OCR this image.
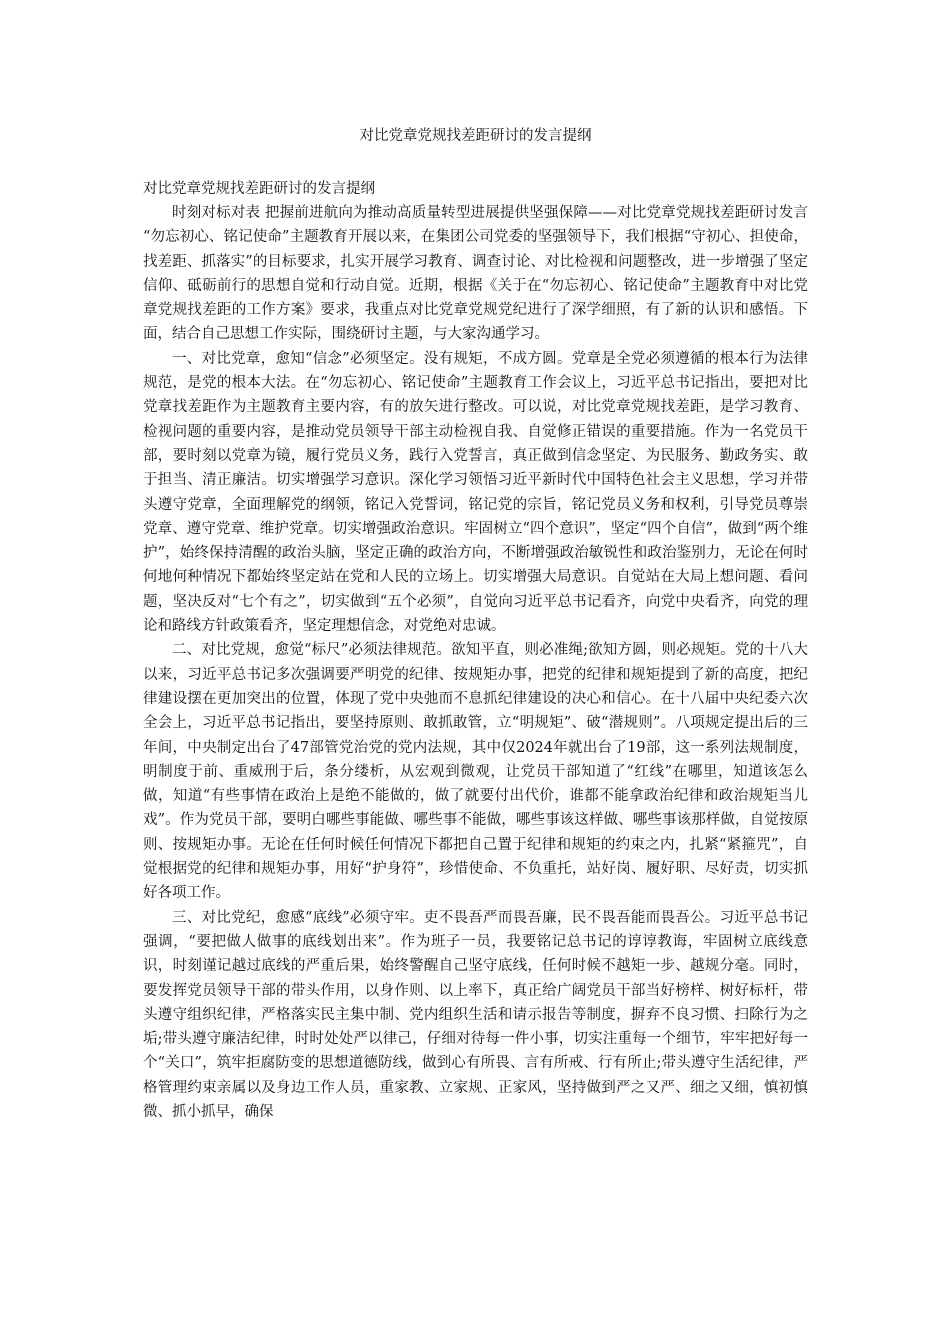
对比党章党规找差距研讨的发言提纲
对比党章党规找差距研讨的发言提纲

时刻对标对表 把握前进航向为推动高质量转型进展提供坚强保障——对比党章党规找差距研讨发言 “勿忘初心、铭记使命”主题教育开展以来，在集团公司党委的坚强领导下，我们根据“守初心、担使命，找差距、抓落实”的目标要求，扎实开展学习教育、调查讨论、对比检视和问题整改，进一步增强了坚定信仰、砥砺前行的思想自觉和行动自觉。近期，根据《关于在“勿忘初心、铭记使命”主题教育中对比党章党规找差距的工作方案》要求，我重点对比党章党规党纪进行了深学细照，有了新的认识和感悟。下面，结合自己思想工作实际，围绕研讨主题，与大家沟通学习。

一、对比党章，愈知“信念”必须坚定。没有规矩，不成方圆。党章是全党必须遵循的根本行为法律规范，是党的根本大法。在“勿忘初心、铭记使命”主题教育工作会议上，习近平总书记指出，要把对比党章找差距作为主题教育主要内容，有的放矢进行整改。可以说，对比党章党规找差距，是学习教育、检视问题的重要内容，是推动党员领导干部主动检视自我、自觉修正错误的重要措施。作为一名党员干部，要时刻以党章为镜，履行党员义务，践行入党誓言，真正做到信念坚定、为民服务、勤政务实、敢于担当、清正廉洁。切实增强学习意识。深化学习领悟习近平新时代中国特色社会主义思想，学习并带头遵守党章，全面理解党的纲领，铭记入党誓词，铭记党的宗旨，铭记党员义务和权利，引导党员尊崇党章、遵守党章、维护党章。切实增强政治意识。牢固树立“四个意识”，坚定“四个自信”，做到“两个维护”，始终保持清醒的政治头脑，坚定正确的政治方向，不断增强政治敏锐性和政治鉴别力，无论在何时何地何种情况下都始终坚定站在党和人民的立场上。切实增强大局意识。自觉站在大局上想问题、看问题，坚决反对“七个有之”，切实做到“五个必须”，自觉向习近平总书记看齐，向党中央看齐，向党的理论和路线方针政策看齐，坚定理想信念，对党绝对忠诚。

二、对比党规，愈觉“标尺”必须法律规范。欲知平直，则必准绳;欲知方圆，则必规矩。党的十八大以来，习近平总书记多次强调要严明党的纪律、按规矩办事，把党的纪律和规矩提到了新的高度，把纪律建设摆在更加突出的位置，体现了党中央弛而不息抓纪律建设的决心和信心。在十八届中央纪委六次全会上，习近平总书记指出，要坚持原则、敢抓敢管，立“明规矩”、破“潜规则”。八项规定提出后的三年间，中央制定出台了47部管党治党的党内法规，其中仅2024年就出台了19部，这一系列法规制度，明制度于前、重威刑于后，条分缕析，从宏观到微观，让党员干部知道了“红线”在哪里，知道该怎么做，知道“有些事情在政治上是绝不能做的，做了就要付出代价，谁都不能拿政治纪律和政治规矩当儿戏”。作为党员干部，要明白哪些事能做、哪些事不能做，哪些事该这样做、哪些事该那样做，自觉按原则、按规矩办事。无论在任何时候任何情况下都把自己置于纪律和规矩的约束之内，扎紧“紧箍咒”，自觉根据党的纪律和规矩办事，用好“护身符”，珍惜使命、不负重托，站好岗、履好职、尽好责，切实抓好各项工作。

三、对比党纪，愈感“底线”必须守牢。吏不畏吾严而畏吾廉，民不畏吾能而畏吾公。习近平总书记强调，“要把做人做事的底线划出来”。作为班子一员，我要铭记总书记的谆谆教诲，牢固树立底线意识，时刻谨记越过底线的严重后果，始终警醒自己坚守底线，任何时候不越矩一步、越规分毫。同时，要发挥党员领导干部的带头作用，以身作则、以上率下，真正给广阔党员干部当好榜样、树好标杆，带头遵守组织纪律，严格落实民主集中制、党内组织生活和请示报告等制度，摒弃不良习惯、扫除行为之垢;带头遵守廉洁纪律，时时处处严以律己，仔细对待每一件小事，切实注重每一个细节，牢牢把好每一个“关口”，筑牢拒腐防变的思想道德防线，做到心有所畏、言有所戒、行有所止;带头遵守生活纪律，严格管理约束亲属以及身边工作人员，重家教、立家规、正家风，坚持做到严之又严、细之又细，慎初慎微、抓小抓早，确保
